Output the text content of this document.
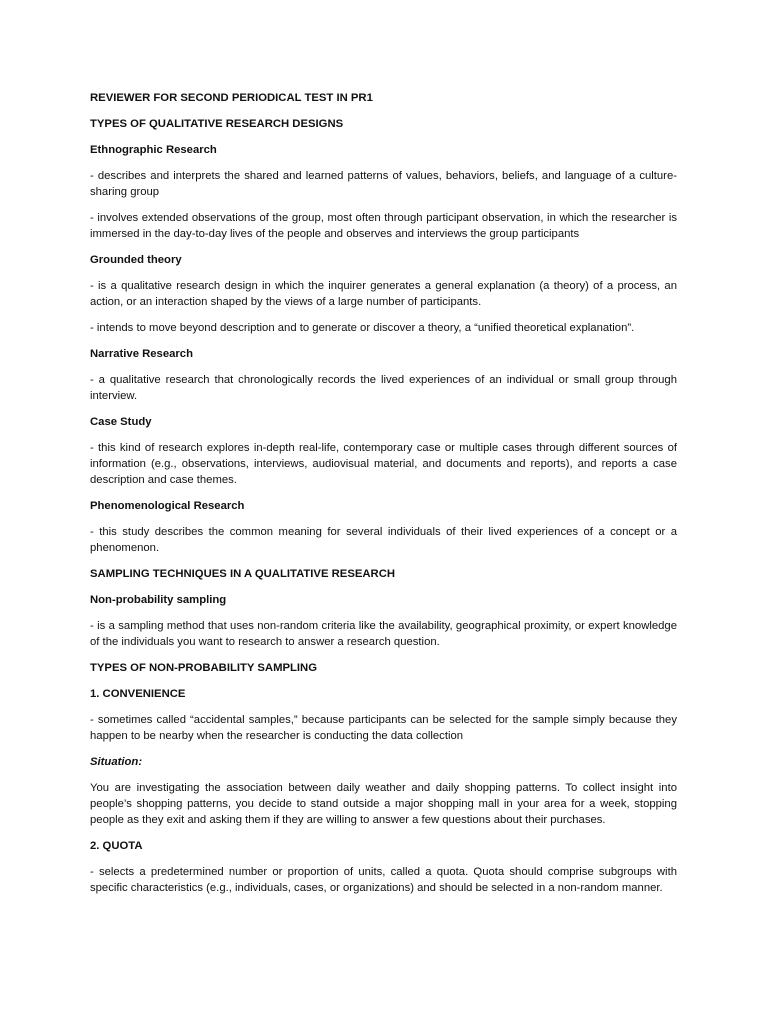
REVIEWER FOR SECOND PERIODICAL TEST IN PR1

TYPES OF QUALITATIVE RESEARCH DESIGNS

Ethnographic Research

- describes and interprets the shared and learned patterns of values, behaviors, beliefs, and language of a culture-sharing group

- involves extended observations of the group, most often through participant observation, in which the researcher is immersed in the day-to-day lives of the people and observes and interviews the group participants

Grounded theory

- is a qualitative research design in which the inquirer generates a general explanation (a theory) of a process, an action, or an interaction shaped by the views of a large number of participants.

- intends to move beyond description and to generate or discover a theory, a “unified theoretical explanation”.

Narrative Research

- a qualitative research that chronologically records the lived experiences of an individual or small group through interview.

Case Study

- this kind of research explores in-depth real-life, contemporary case or multiple cases through different sources of information (e.g., observations, interviews, audiovisual material, and documents and reports), and reports a case description and case themes.

Phenomenological Research

- this study describes the common meaning for several individuals of their lived experiences of a concept or a phenomenon.

SAMPLING TECHNIQUES IN A QUALITATIVE RESEARCH

Non-probability sampling

- is a sampling method that uses non-random criteria like the availability, geographical proximity, or expert knowledge of the individuals you want to research to answer a research question.

TYPES OF NON-PROBABILITY SAMPLING

1. CONVENIENCE

- sometimes called “accidental samples,” because participants can be selected for the sample simply because they happen to be nearby when the researcher is conducting the data collection

Situation:

You are investigating the association between daily weather and daily shopping patterns. To collect insight into people’s shopping patterns, you decide to stand outside a major shopping mall in your area for a week, stopping people as they exit and asking them if they are willing to answer a few questions about their purchases.

2. QUOTA

- selects a predetermined number or proportion of units, called a quota. Quota should comprise subgroups with specific characteristics (e.g., individuals, cases, or organizations) and should be selected in a non-random manner.
